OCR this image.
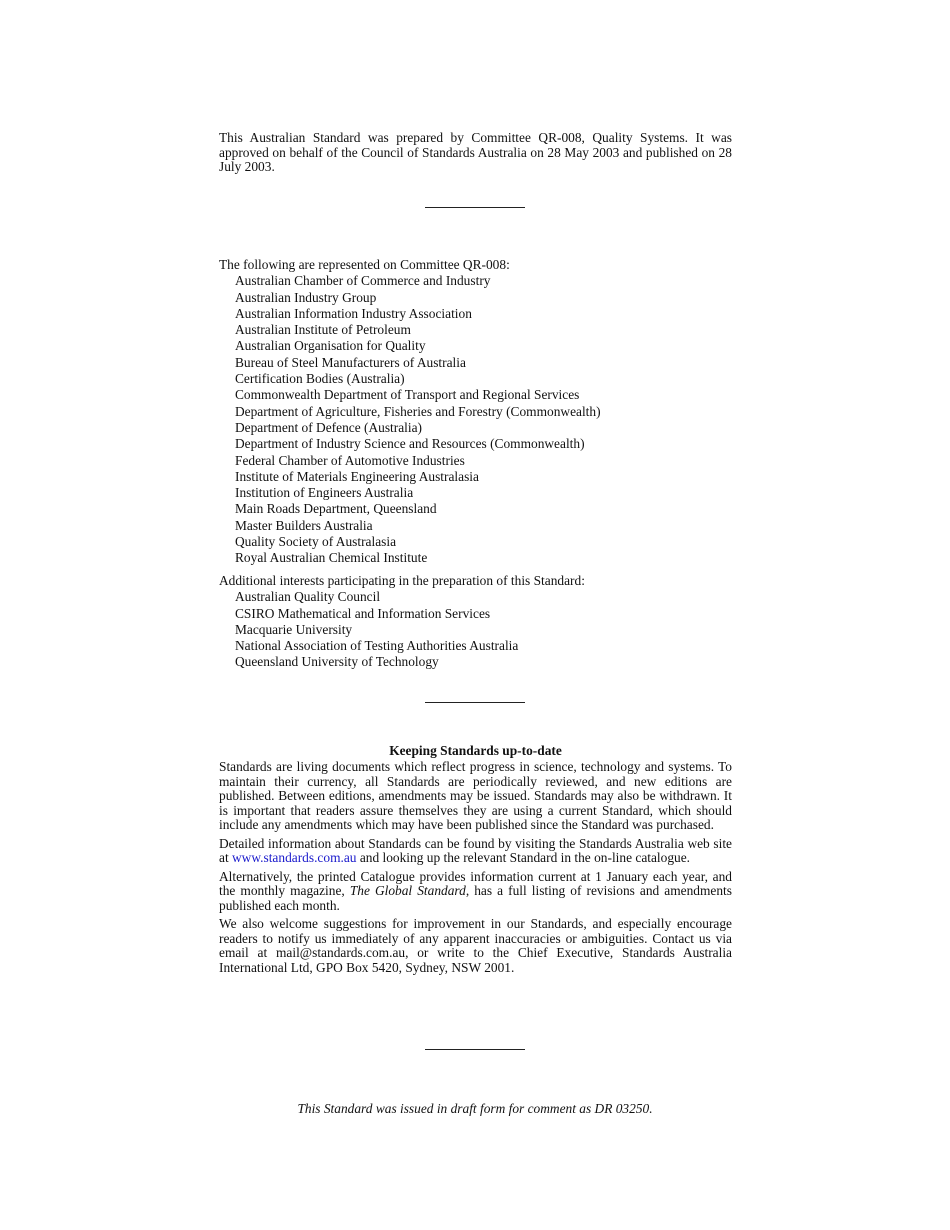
This Australian Standard was prepared by Committee QR-008, Quality Systems. It was approved on behalf of the Council of Standards Australia on 28 May 2003 and published on 28 July 2003.
The following are represented on Committee QR-008:
Australian Chamber of Commerce and Industry
Australian Industry Group
Australian Information Industry Association
Australian Institute of Petroleum
Australian Organisation for Quality
Bureau of Steel Manufacturers of Australia
Certification Bodies (Australia)
Commonwealth Department of Transport and Regional Services
Department of Agriculture, Fisheries and Forestry (Commonwealth)
Department of Defence (Australia)
Department of Industry Science and Resources (Commonwealth)
Federal Chamber of Automotive Industries
Institute of Materials Engineering Australasia
Institution of Engineers Australia
Main Roads Department, Queensland
Master Builders Australia
Quality Society of Australasia
Royal Australian Chemical Institute
Additional interests participating in the preparation of this Standard:
Australian Quality Council
CSIRO Mathematical and Information Services
Macquarie University
National Association of Testing Authorities Australia
Queensland University of Technology
Keeping Standards up-to-date
Standards are living documents which reflect progress in science, technology and systems. To maintain their currency, all Standards are periodically reviewed, and new editions are published. Between editions, amendments may be issued. Standards may also be withdrawn. It is important that readers assure themselves they are using a current Standard, which should include any amendments which may have been published since the Standard was purchased.
Detailed information about Standards can be found by visiting the Standards Australia web site at www.standards.com.au and looking up the relevant Standard in the on-line catalogue.
Alternatively, the printed Catalogue provides information current at 1 January each year, and the monthly magazine, The Global Standard, has a full listing of revisions and amendments published each month.
We also welcome suggestions for improvement in our Standards, and especially encourage readers to notify us immediately of any apparent inaccuracies or ambiguities. Contact us via email at mail@standards.com.au, or write to the Chief Executive, Standards Australia International Ltd, GPO Box 5420, Sydney, NSW 2001.
This Standard was issued in draft form for comment as DR 03250.
